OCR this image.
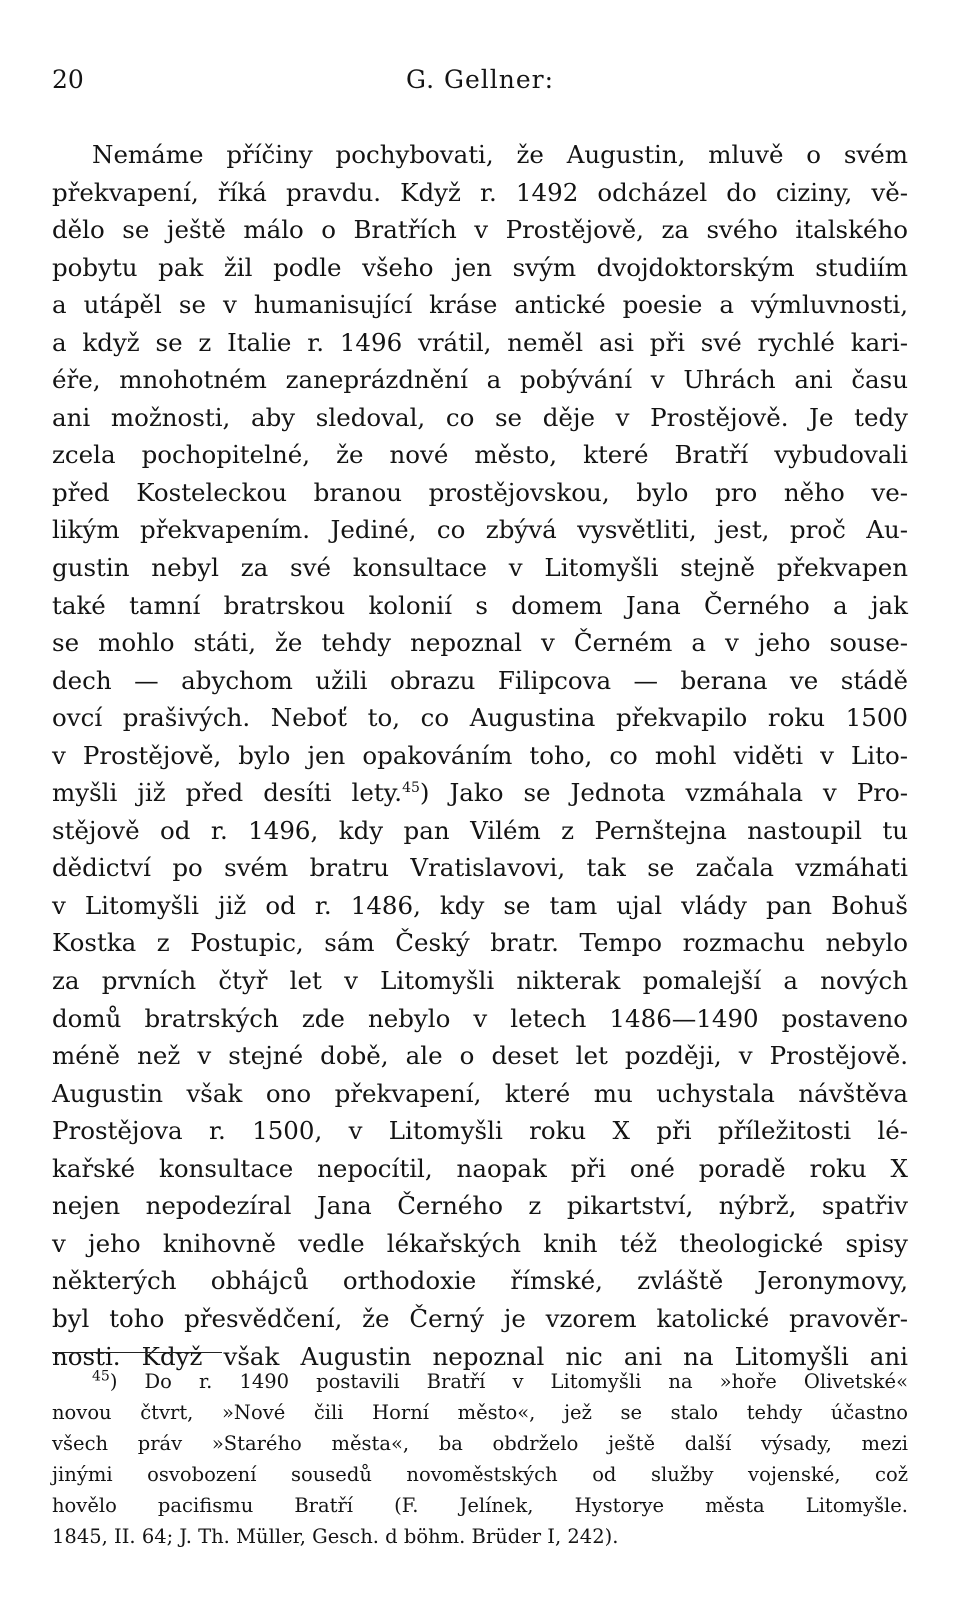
20	G. Gellner:
Nemáme příčiny pochybovati, že Augustin, mluvě o svém
překvapení, říká pravdu. Když r. 1492 odcházel do ciziny, vě-
dělo se ještě málo o Bratřích v Prostějově, za svého italského
pobytu pak žil podle všeho jen svým dvojdoktorským studiím
a utápěl se v humanisující kráse antické poesie a výmluvnosti,
a když se z Italie r. 1496 vrátil, neměl asi při své rychlé kari-
éře, mnohotném zaneprázdnění a pobývání v Uhrách ani času
ani možnosti, aby sledoval, co se děje v Prostějově. Je tedy
zcela pochopitelné, že nové město, které Bratří vybudovali
před Kosteleckou branou prostějovskou, bylo pro něho ve-
likým překvapením. Jediné, co zbývá vysvětliti, jest, proč Au-
gustin nebyl za své konsultace v Litomyšli stejně překvapen
také tamní bratrskou kolonií s domem Jana Černého a jak
se mohlo státi, že tehdy nepoznal v Černém a v jeho souse-
dech — abychom užili obrazu Filipcova — berana ve stádě
ovcí prašivých. Neboť to, co Augustina překvapilo roku 1500
v Prostějově, bylo jen opakováním toho, co mohl viděti v Lito-
myšli již před desíti lety.$^{45}$) Jako se Jednota vzmáhala v Pro-
stějově od r. 1496, kdy pan Vilém z Pernštejna nastoupil tu
dědictví po svém bratru Vratislavovi, tak se začala vzmáhati
v Litomyšli již od r. 1486, kdy se tam ujal vlády pan Bohuš
Kostka z Postupic, sám Český bratr. Tempo rozmachu nebylo
za prvních čtyř let v Litomyšli nikterak pomalejší a nových
domů bratrských zde nebylo v letech 1486—1490 postaveno
méně než v stejné době, ale o deset let později, v Prostějově.
Augustin však ono překvapení, které mu uchystala návštěva
Prostějova r. 1500, v Litomyšli roku X při příležitosti lé-
kařské konsultace nepocítil, naopak při oné poradě roku X
nejen nepodezíral Jana Černého z pikartství, nýbrž, spatřiv
v jeho knihovně vedle lékařských knih též theologické spisy
některých obhájců orthodoxie římské, zvláště Jeronymovy,
byl toho přesvědčení, že Černý je vzorem katolické pravověr-
nosti. Když však Augustin nepoznal nic ani na Litomyšli ani
$^{45}$) Do r. 1490 postavili Bratří v Litomyšli na »hoře Olivetské«
novou čtvrt, »Nové čili Horní město«, jež se stalo tehdy účastno
všech práv »Starého města«, ba obdrželo ještě další výsady, mezi
jinými osvobození sousedů novoměstských od služby vojenské, což
hovělo pacifismu Bratří (F. Jelínek, Hystorye města Litomyšle.
1845, II. 64; J. Th. Müller, Gesch. d böhm. Brüder I, 242).
